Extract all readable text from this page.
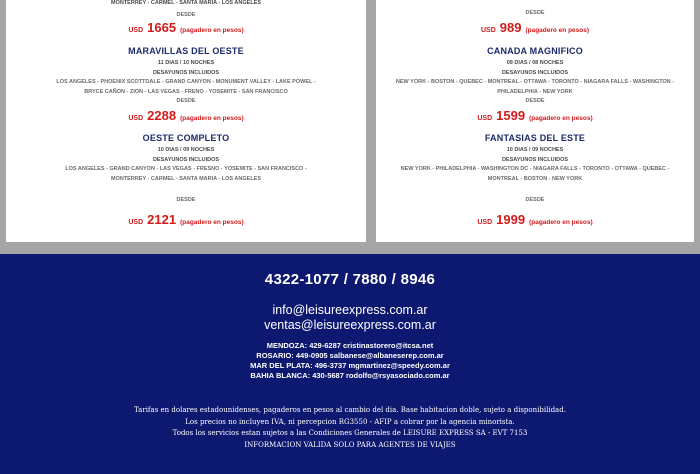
MONTERREY - CARMEL - SANTA MARIA - LOS ANGELES
DESDE
USD 1665 (pagadero en pesos)
DESDE
USD 989 (pagadero en pesos)
MARAVILLAS DEL OESTE
11 DIAS / 10 NOCHES
DESAYUNOS INCLUIDOS
LOS ANGELES - PHOENIX SCOTTDALE - GRAND CANYON - MONUMENT VALLEY - LAKE POWEL -
BRYCE CAÑON - ZION - LAS VEGAS - FRENO - YOSEMITE - SAN FRANCISCO
DESDE
USD 2288 (pagadero en pesos)
CANADA MAGNIFICO
09 DIAS / 08 NOCHES
DESAYUNOS INCLUIDOS
NEW YORK - BOSTON - QUEBEC - MONTREAL - OTTAWA - TORONTO - NIAGARA FALLS - WASHINGTON -
PHILADELPHIA - NEW YORK
DESDE
USD 1599 (pagadero en pesos)
OESTE COMPLETO
10 DIAS / 09 NOCHES
DESAYUNOS INCLUIDOS
LOS ANGELES - GRAND CANYON - LAS VEGAS - FRESNO - YOSEMITE - SAN FRANCISCO -
MONTERREY - CARMEL - SANTA MARIA - LOS ANGELES
DESDE
USD 2121 (pagadero en pesos)
FANTASIAS DEL ESTE
10 DIAS / 09 NOCHES
DESAYUNOS INCLUIDOS
NEW YORK - PHILADELPHIA - WASHINGTON DC - NIAGARA FALLS - TORONTO - OTTAWA - QUEBEC -
MONTREAL - BOSTON - NEW YORK
DESDE
USD 1999 (pagadero en pesos)
4322-1077 / 7880 / 8946
info@leisureexpress.com.ar
ventas@leisureexpress.com.ar
MENDOZA: 429-6287 cristinastorero@itcsa.net
ROSARIO: 449-0905 salbanese@albaneserep.com.ar
MAR DEL PLATA: 496-3737 mgmartinez@speedy.com.ar
BAHIA BLANCA: 430-5687 rodolfo@rsyasociado.com.ar
Tarifas en dolares estadounidenses, pagaderos en pesos al cambio del dia. Base habitacion doble, sujeto a disponibilidad.
Los precios no incluyen IVA, ni percepcion RG3550 - AFIP a cobrar por la agencia minorista.
Todos los servicios estan sujetos a las Condiciones Generales de LEISURE EXPRESS SA - EVT 7153
INFORMACION VALIDA SOLO PARA AGENTES DE VIAJES
